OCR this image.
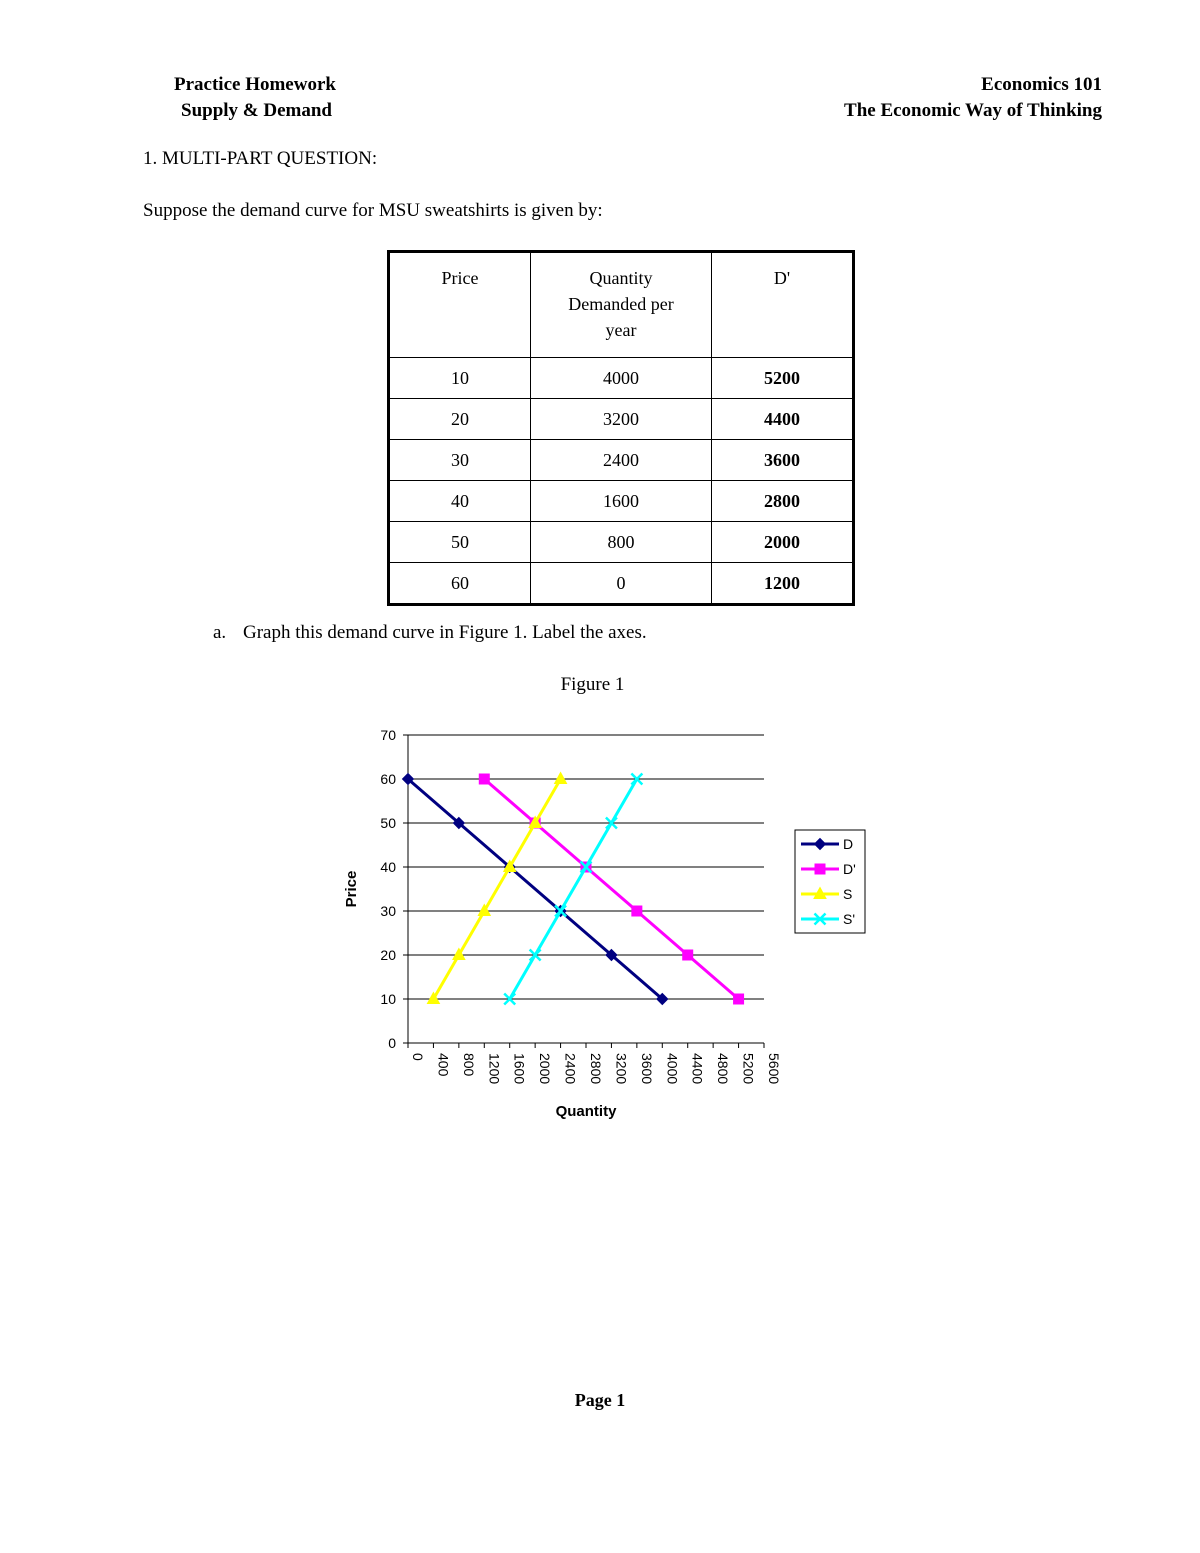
Practice Homework
Supply & Demand
Economics 101
The Economic Way of Thinking
1. MULTI-PART QUESTION:
Suppose the demand curve for MSU sweatshirts is given by:
Price	Quantity Demanded per year	D'
10	4000	5200
20	3200	4400
30	2400	3600
40	1600	2800
50	800	2000
60	0	1200
a. Graph this demand curve in Figure 1. Label the axes.
Figure 1
0
10
20
30
40
50
60
70
0 400 800 1200 1600 2000 2400 2800 3200 3600 4000 4400 4800 5200 5600
Quantity
Price
D
D'
S
S'
Page 1
